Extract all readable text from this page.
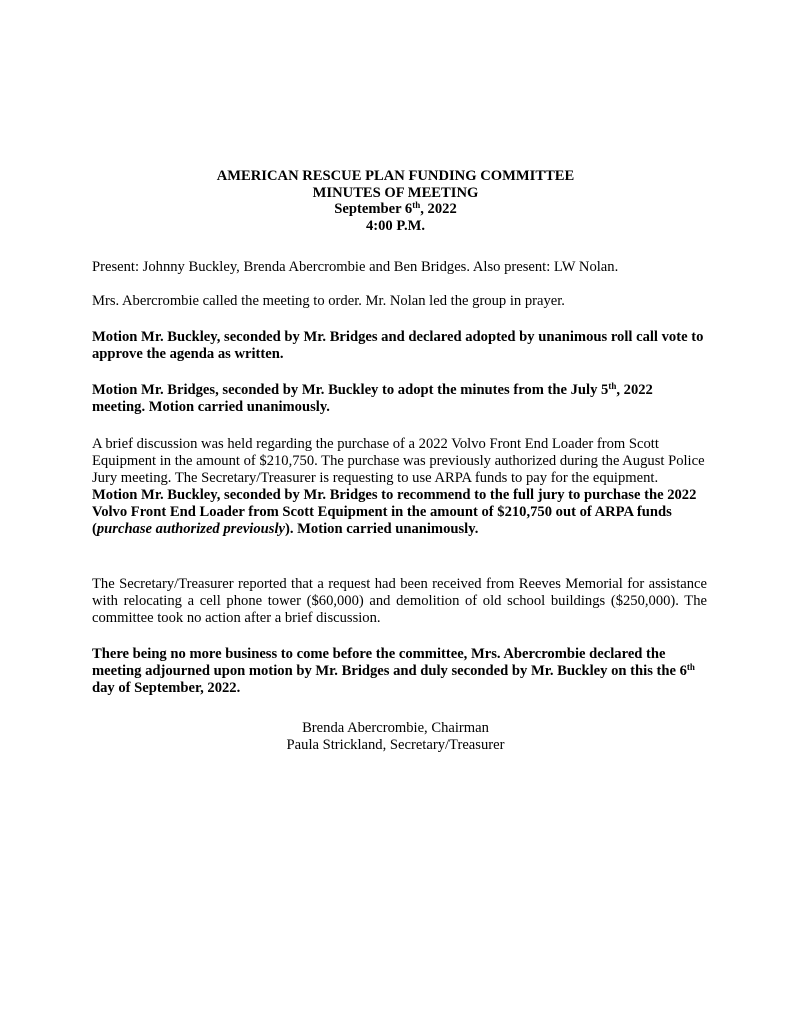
AMERICAN RESCUE PLAN FUNDING COMMITTEE
MINUTES OF MEETING
September 6th, 2022
4:00 P.M.

Present: Johnny Buckley, Brenda Abercrombie and Ben Bridges. Also present: LW Nolan.

Mrs. Abercrombie called the meeting to order. Mr. Nolan led the group in prayer.

Motion Mr. Buckley, seconded by Mr. Bridges and declared adopted by unanimous roll call vote to approve the agenda as written.

Motion Mr. Bridges, seconded by Mr. Buckley to adopt the minutes from the July 5th, 2022 meeting. Motion carried unanimously.

A brief discussion was held regarding the purchase of a 2022 Volvo Front End Loader from Scott Equipment in the amount of $210,750. The purchase was previously authorized during the August Police Jury meeting. The Secretary/Treasurer is requesting to use ARPA funds to pay for the equipment. Motion Mr. Buckley, seconded by Mr. Bridges to recommend to the full jury to purchase the 2022 Volvo Front End Loader from Scott Equipment in the amount of $210,750 out of ARPA funds (purchase authorized previously). Motion carried unanimously.

The Secretary/Treasurer reported that a request had been received from Reeves Memorial for assistance with relocating a cell phone tower ($60,000) and demolition of old school buildings ($250,000). The committee took no action after a brief discussion.

There being no more business to come before the committee, Mrs. Abercrombie declared the meeting adjourned upon motion by Mr. Bridges and duly seconded by Mr. Buckley on this the 6th day of September, 2022.

Brenda Abercrombie, Chairman
Paula Strickland, Secretary/Treasurer
